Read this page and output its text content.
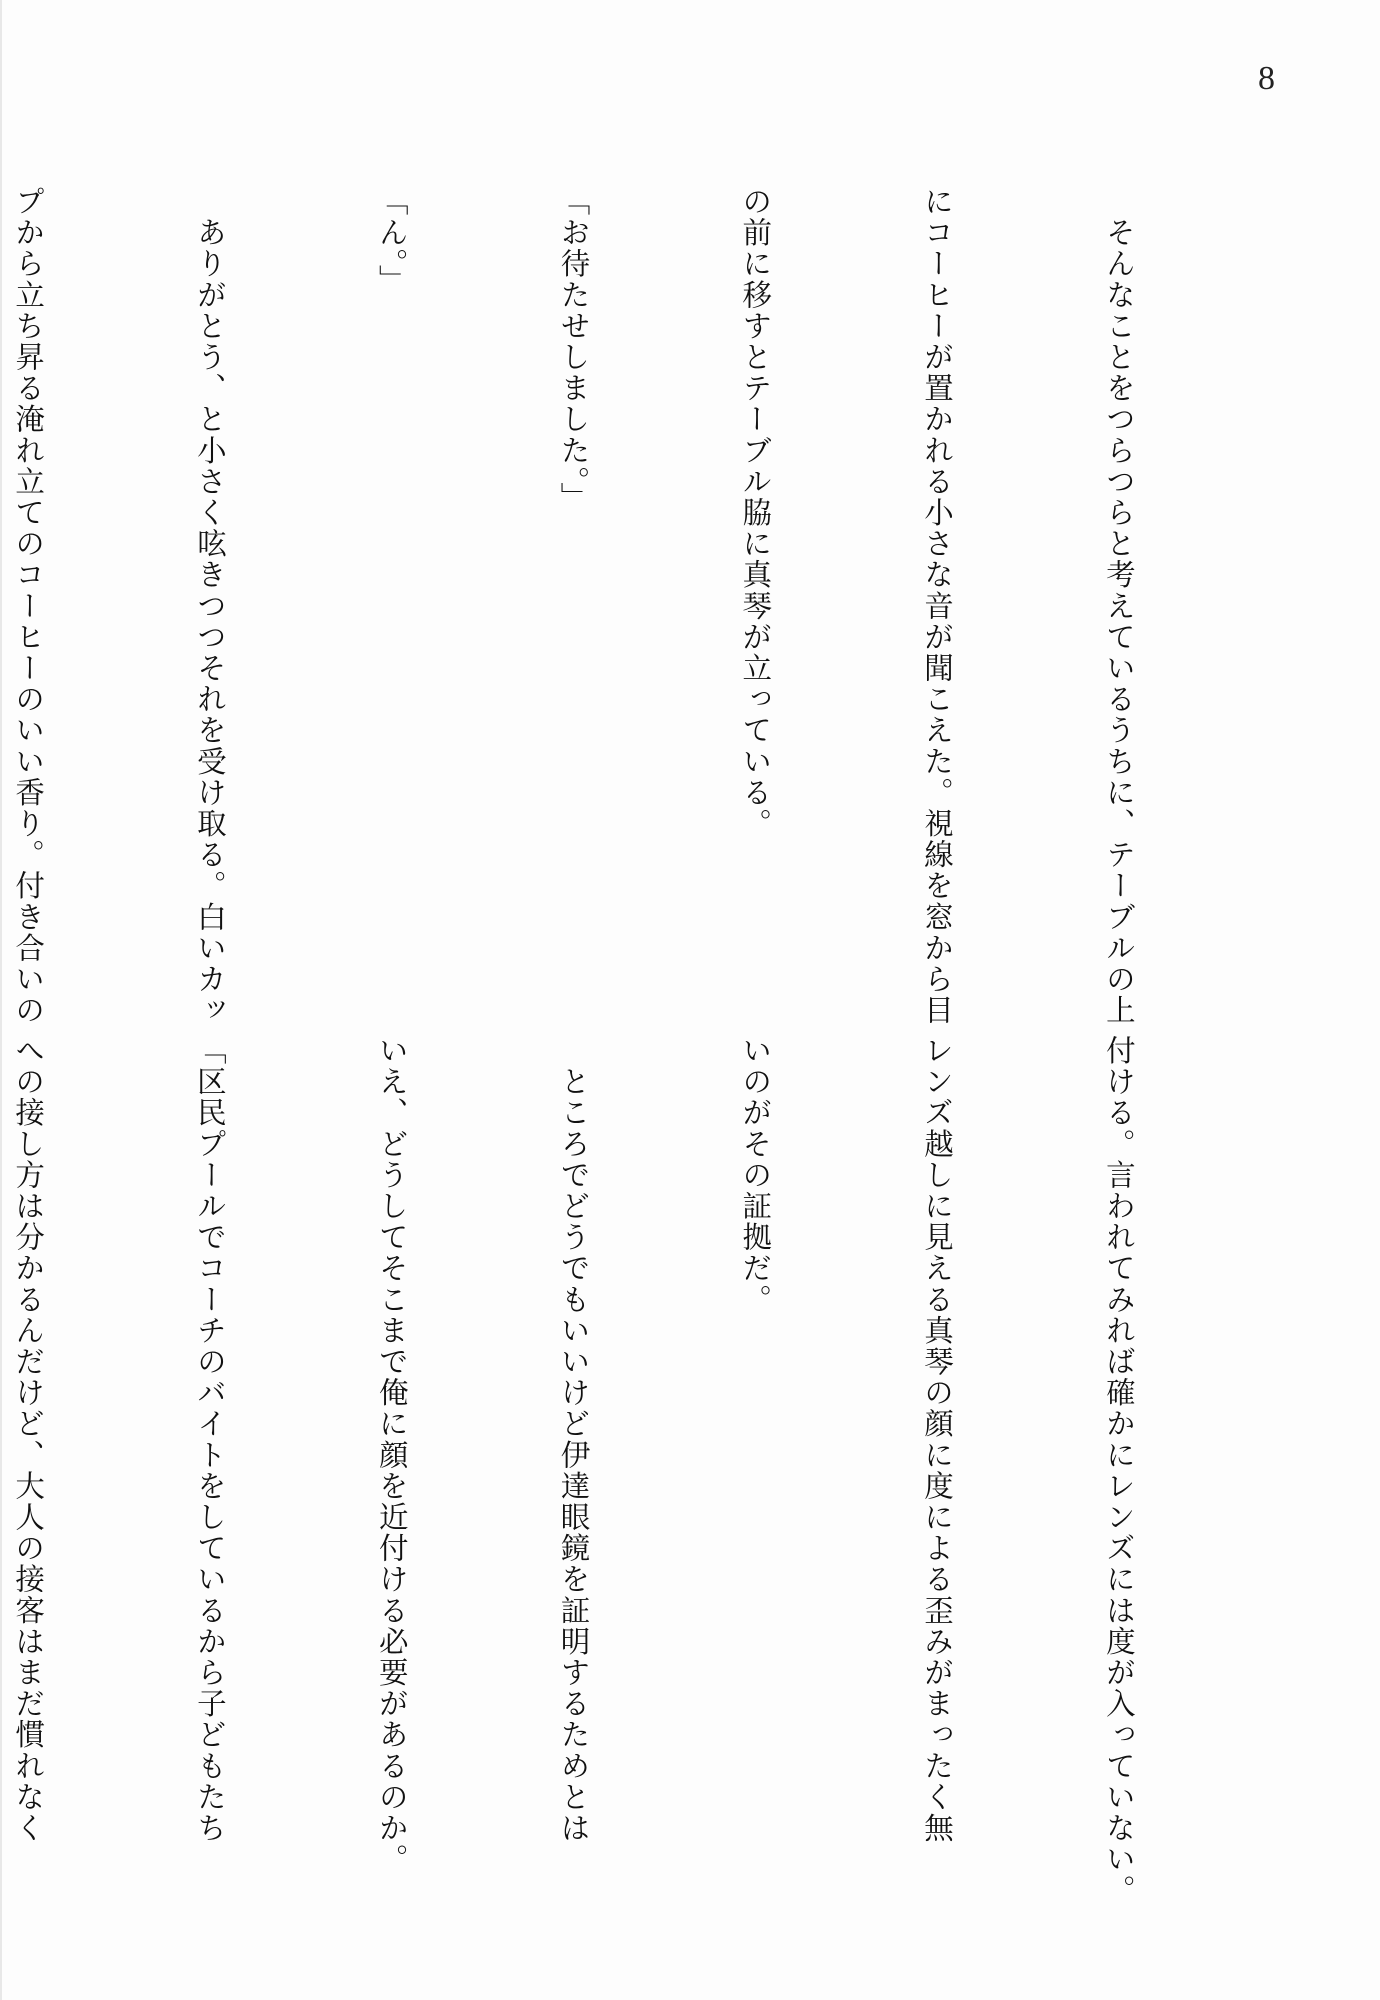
8

　そんなことをつらつらと考えているうちに、テーブルの上

にコーヒーが置かれる小さな音が聞こえた。視線を窓から目

の前に移すとテーブル脇に真琴が立っている。

「お待たせしました。」

「ん。」

　ありがとう、と小さく呟きつつそれを受け取る。白いカッ

プから立ち昇る淹れ立てのコーヒーのいい香り。付き合いの

付ける。言われてみれば確かにレンズには度が入っていない。

レンズ越しに見える真琴の顔に度による歪みがまったく無

いのがその証拠だ。

　ところでどうでもいいけど伊達眼鏡を証明するためとは

いえ、どうしてそこまで俺に顔を近付ける必要があるのか。

「区民プールでコーチのバイトをしているから子どもたち

への接し方は分かるんだけど、大人の接客はまだ慣れなく
